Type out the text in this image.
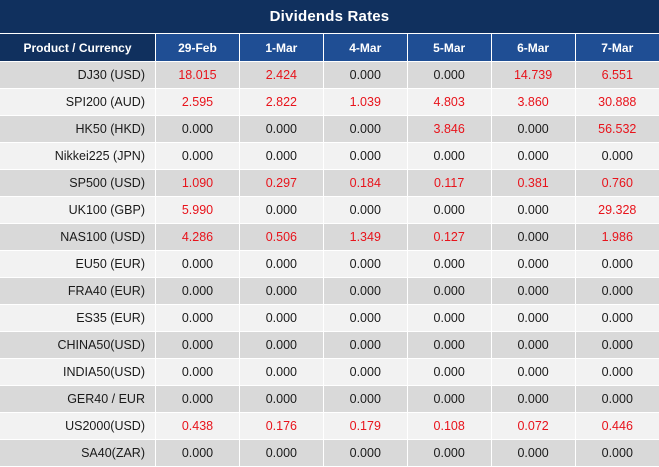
Dividends Rates
Product / Currency	29-Feb	1-Mar	4-Mar	5-Mar	6-Mar	7-Mar
DJ30 (USD)	18.015	2.424	0.000	0.000	14.739	6.551
SPI200 (AUD)	2.595	2.822	1.039	4.803	3.860	30.888
HK50 (HKD)	0.000	0.000	0.000	3.846	0.000	56.532
Nikkei225 (JPN)	0.000	0.000	0.000	0.000	0.000	0.000
SP500 (USD)	1.090	0.297	0.184	0.117	0.381	0.760
UK100 (GBP)	5.990	0.000	0.000	0.000	0.000	29.328
NAS100 (USD)	4.286	0.506	1.349	0.127	0.000	1.986
EU50 (EUR)	0.000	0.000	0.000	0.000	0.000	0.000
FRA40 (EUR)	0.000	0.000	0.000	0.000	0.000	0.000
ES35 (EUR)	0.000	0.000	0.000	0.000	0.000	0.000
CHINA50(USD)	0.000	0.000	0.000	0.000	0.000	0.000
INDIA50(USD)	0.000	0.000	0.000	0.000	0.000	0.000
GER40 / EUR	0.000	0.000	0.000	0.000	0.000	0.000
US2000(USD)	0.438	0.176	0.179	0.108	0.072	0.446
SA40(ZAR)	0.000	0.000	0.000	0.000	0.000	0.000
